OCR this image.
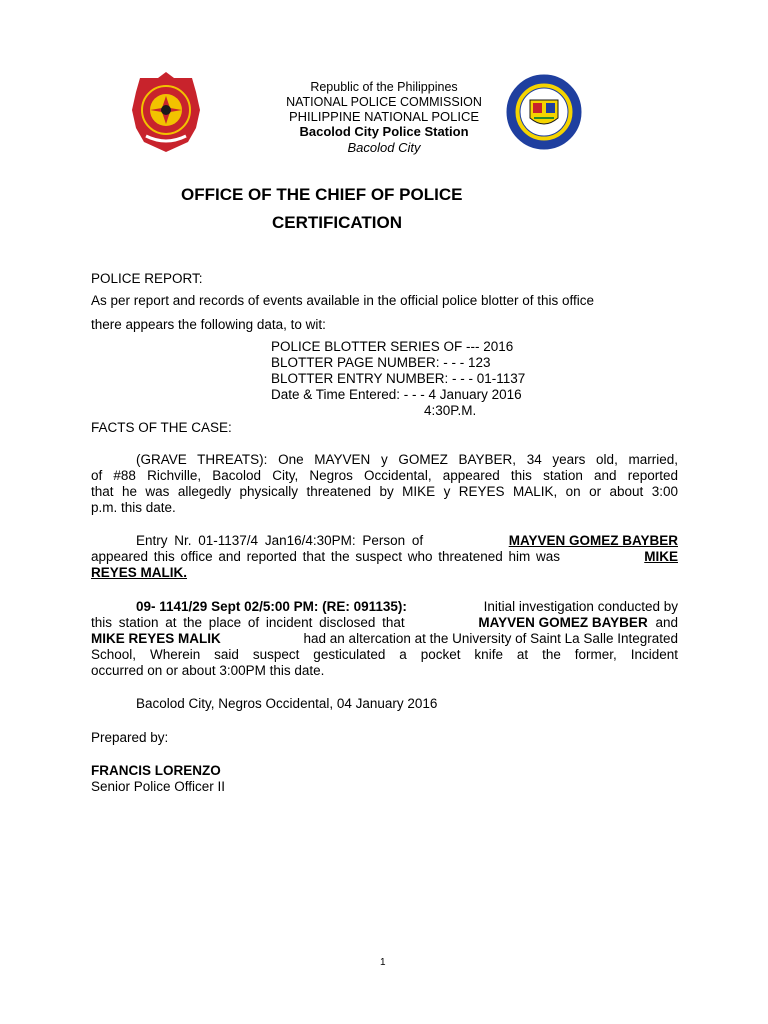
Republic of the Philippines
NATIONAL POLICE COMMISSION
PHILIPPINE NATIONAL POLICE
Bacolod City Police Station
Bacolod City
OFFICE OF THE CHIEF OF POLICE
CERTIFICATION
POLICE REPORT:
As per report and records of events available in the official police blotter of this office
there appears the following data, to wit:
POLICE BLOTTER SERIES OF --- 2016
BLOTTER PAGE NUMBER: - - - 123
BLOTTER ENTRY NUMBER: - - - 01-1137
Date & Time Entered: - - - 4 January 2016
4:30P.M.
FACTS OF THE CASE:
(GRAVE THREATS): One MAYVEN y GOMEZ BAYBER, 34 years old, married,
of #88 Richville, Bacolod City, Negros Occidental, appeared this station and reported
that he was allegedly physically threatened by MIKE y REYES MALIK, on or about 3:00
p.m. this date.
Entry Nr. 01-1137/4 Jan16/4:30PM: Person of	MAYVEN GOMEZ BAYBER
appeared this office and reported that the suspect who threatened him was	MIKE
REYES MALIK.
09- 1141/29 Sept 02/5:00 PM: (RE: 091135):	Initial investigation conducted by
this station at the place of incident disclosed that	MAYVEN GOMEZ BAYBER and
MIKE REYES MALIK	had an altercation at the University of Saint La Salle Integrated
School, Wherein said suspect gesticulated a pocket knife at the former, Incident
occurred on or about 3:00PM this date.
Bacolod City, Negros Occidental, 04 January 2016
Prepared by:
FRANCIS LORENZO
Senior Police Officer II
1
